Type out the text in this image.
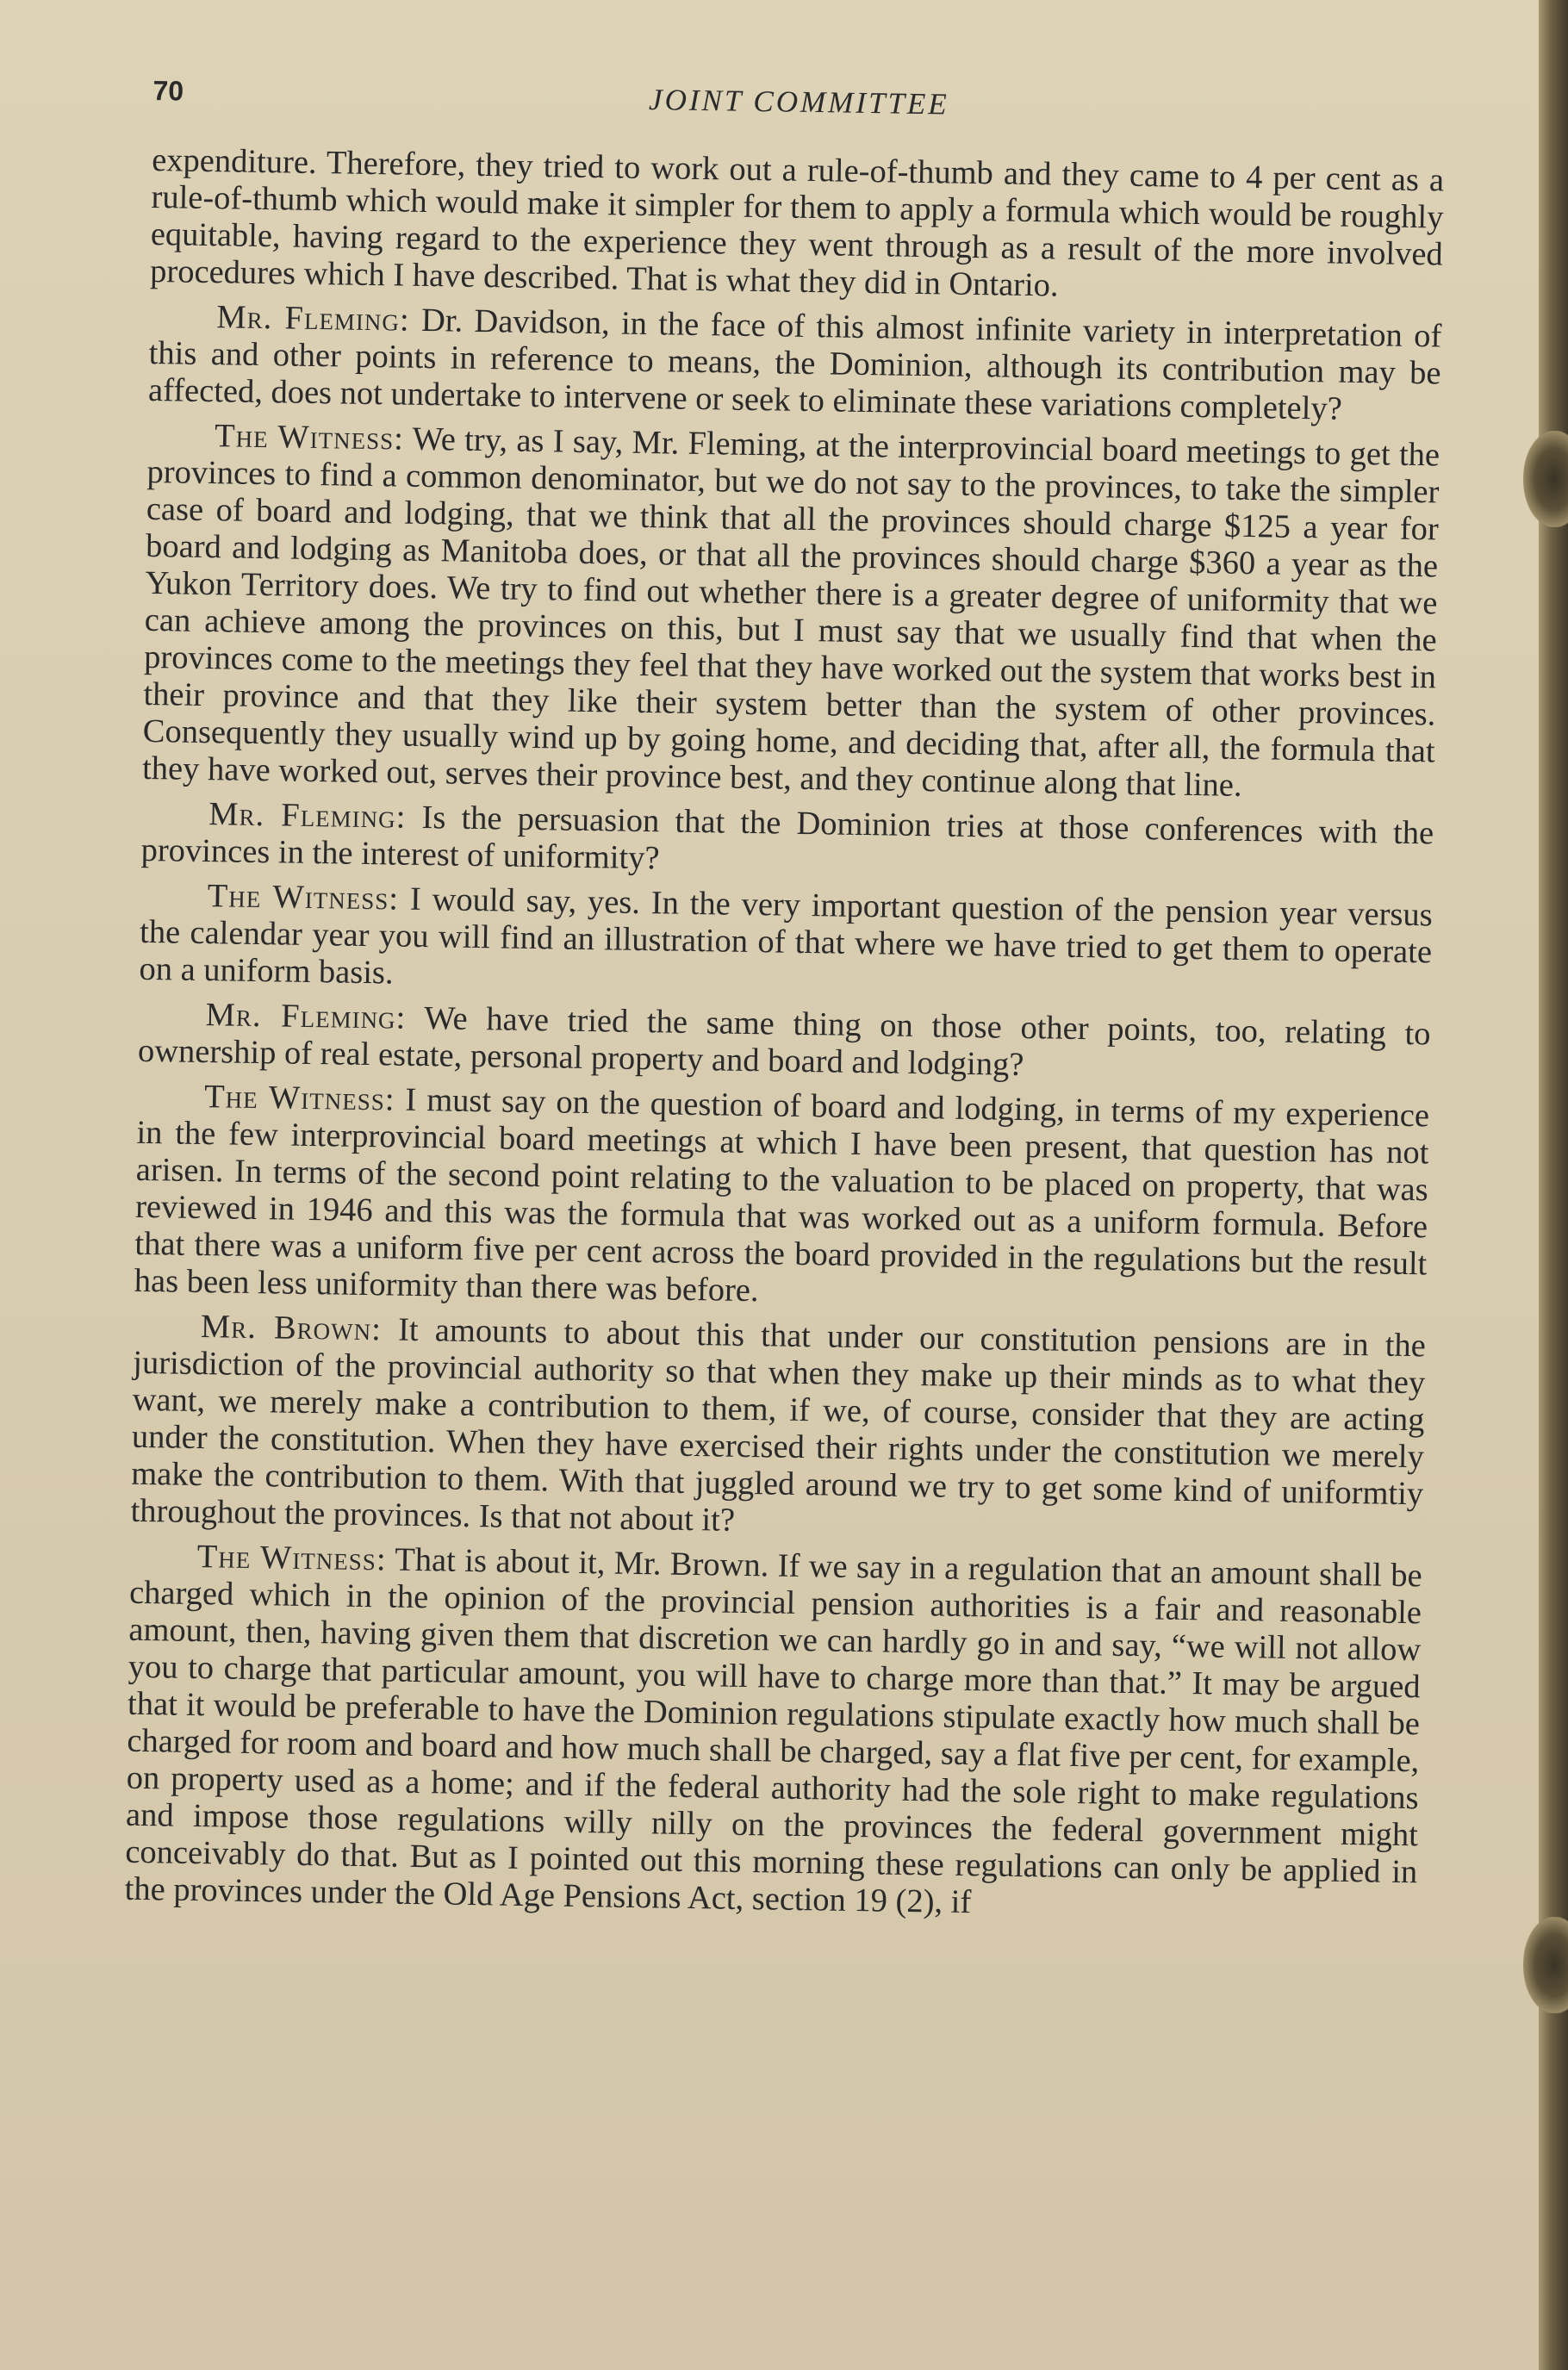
70	JOINT COMMITTEE

expenditure. Therefore, they tried to work out a rule-of-thumb and they came to 4 per cent as a rule-of-thumb which would make it simpler for them to apply a formula which would be roughly equitable, having regard to the experience they went through as a result of the more involved procedures which I have described. That is what they did in Ontario.

Mr. Fleming: Dr. Davidson, in the face of this almost infinite variety in interpretation of this and other points in reference to means, the Dominion, although its contribution may be affected, does not undertake to intervene or seek to eliminate these variations completely?

The Witness: We try, as I say, Mr. Fleming, at the interprovincial board meetings to get the provinces to find a common denominator, but we do not say to the provinces, to take the simpler case of board and lodging, that we think that all the provinces should charge $125 a year for board and lodging as Manitoba does, or that all the provinces should charge $360 a year as the Yukon Territory does. We try to find out whether there is a greater degree of uniformity that we can achieve among the provinces on this, but I must say that we usually find that when the provinces come to the meetings they feel that they have worked out the system that works best in their province and that they like their system better than the system of other provinces. Consequently they usually wind up by going home, and deciding that, after all, the formula that they have worked out, serves their province best, and they continue along that line.

Mr. Fleming: Is the persuasion that the Dominion tries at those conferences with the provinces in the interest of uniformity?

The Witness: I would say, yes. In the very important question of the pension year versus the calendar year you will find an illustration of that where we have tried to get them to operate on a uniform basis.

Mr. Fleming: We have tried the same thing on those other points, too, relating to ownership of real estate, personal property and board and lodging?

The Witness: I must say on the question of board and lodging, in terms of my experience in the few interprovincial board meetings at which I have been present, that question has not arisen. In terms of the second point relating to the valuation to be placed on property, that was reviewed in 1946 and this was the formula that was worked out as a uniform formula. Before that there was a uniform five per cent across the board provided in the regulations but the result has been less uniformity than there was before.

Mr. Brown: It amounts to about this that under our constitution pensions are in the jurisdiction of the provincial authority so that when they make up their minds as to what they want, we merely make a contribution to them, if we, of course, consider that they are acting under the constitution. When they have exercised their rights under the constitution we merely make the contribution to them. With that juggled around we try to get some kind of uniformtiy throughout the provinces. Is that not about it?

The Witness: That is about it, Mr. Brown. If we say in a regulation that an amount shall be charged which in the opinion of the provincial pension authorities is a fair and reasonable amount, then, having given them that discretion we can hardly go in and say, “we will not allow you to charge that particular amount, you will have to charge more than that.” It may be argued that it would be preferable to have the Dominion regulations stipulate exactly how much shall be charged for room and board and how much shall be charged, say a flat five per cent, for example, on property used as a home; and if the federal authority had the sole right to make regulations and impose those regulations willy nilly on the provinces the federal government might conceivably do that. But as I pointed out this morning these regulations can only be applied in the provinces under the Old Age Pensions Act, section 19 (2), if
